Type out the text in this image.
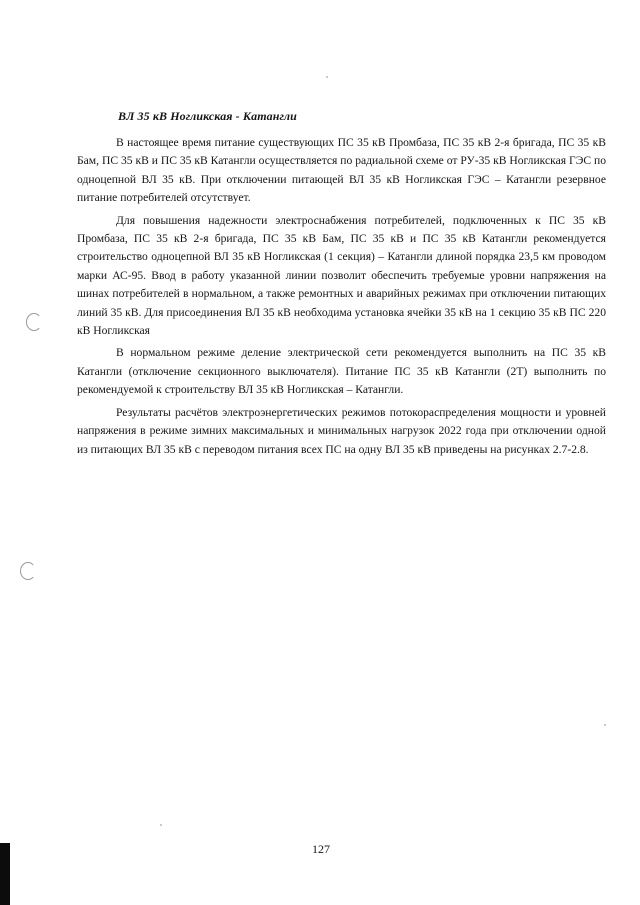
ВЛ 35 кВ Ногликская - Катангли

В настоящее время питание существующих ПС 35 кВ Промбаза, ПС 35 кВ 2-я бригада, ПС 35 кВ Бам, ПС 35 кВ и ПС 35 кВ Катангли осуществляется по радиальной схеме от РУ-35 кВ Ногликская ГЭС по одноцепной ВЛ 35 кВ. При отключении питающей ВЛ 35 кВ Ногликская ГЭС – Катангли резервное питание потребителей отсутствует.

Для повышения надежности электроснабжения потребителей, подключенных к ПС 35 кВ Промбаза, ПС 35 кВ 2-я бригада, ПС 35 кВ Бам, ПС 35 кВ и ПС 35 кВ Катангли рекомендуется строительство одноцепной ВЛ 35 кВ Ногликская (1 секция) – Катангли длиной порядка 23,5 км проводом марки АС-95. Ввод в работу указанной линии позволит обеспечить требуемые уровни напряжения на шинах потребителей в нормальном, а также ремонтных и аварийных режимах при отключении питающих линий 35 кВ. Для присоединения ВЛ 35 кВ необходима установка ячейки 35 кВ на 1 секцию 35 кВ ПС 220 кВ Ногликская

В нормальном режиме деление электрической сети рекомендуется выполнить на ПС 35 кВ Катангли (отключение секционного выключателя). Питание ПС 35 кВ Катангли (2Т) выполнить по рекомендуемой к строительству ВЛ 35 кВ Ногликская – Катангли.

Результаты расчётов электроэнергетических режимов потокораспределения мощности и уровней напряжения в режиме зимних максимальных и минимальных нагрузок 2022 года при отключении одной из питающих ВЛ 35 кВ с переводом питания всех ПС на одну ВЛ 35 кВ приведены на рисунках 2.7-2.8.

127
